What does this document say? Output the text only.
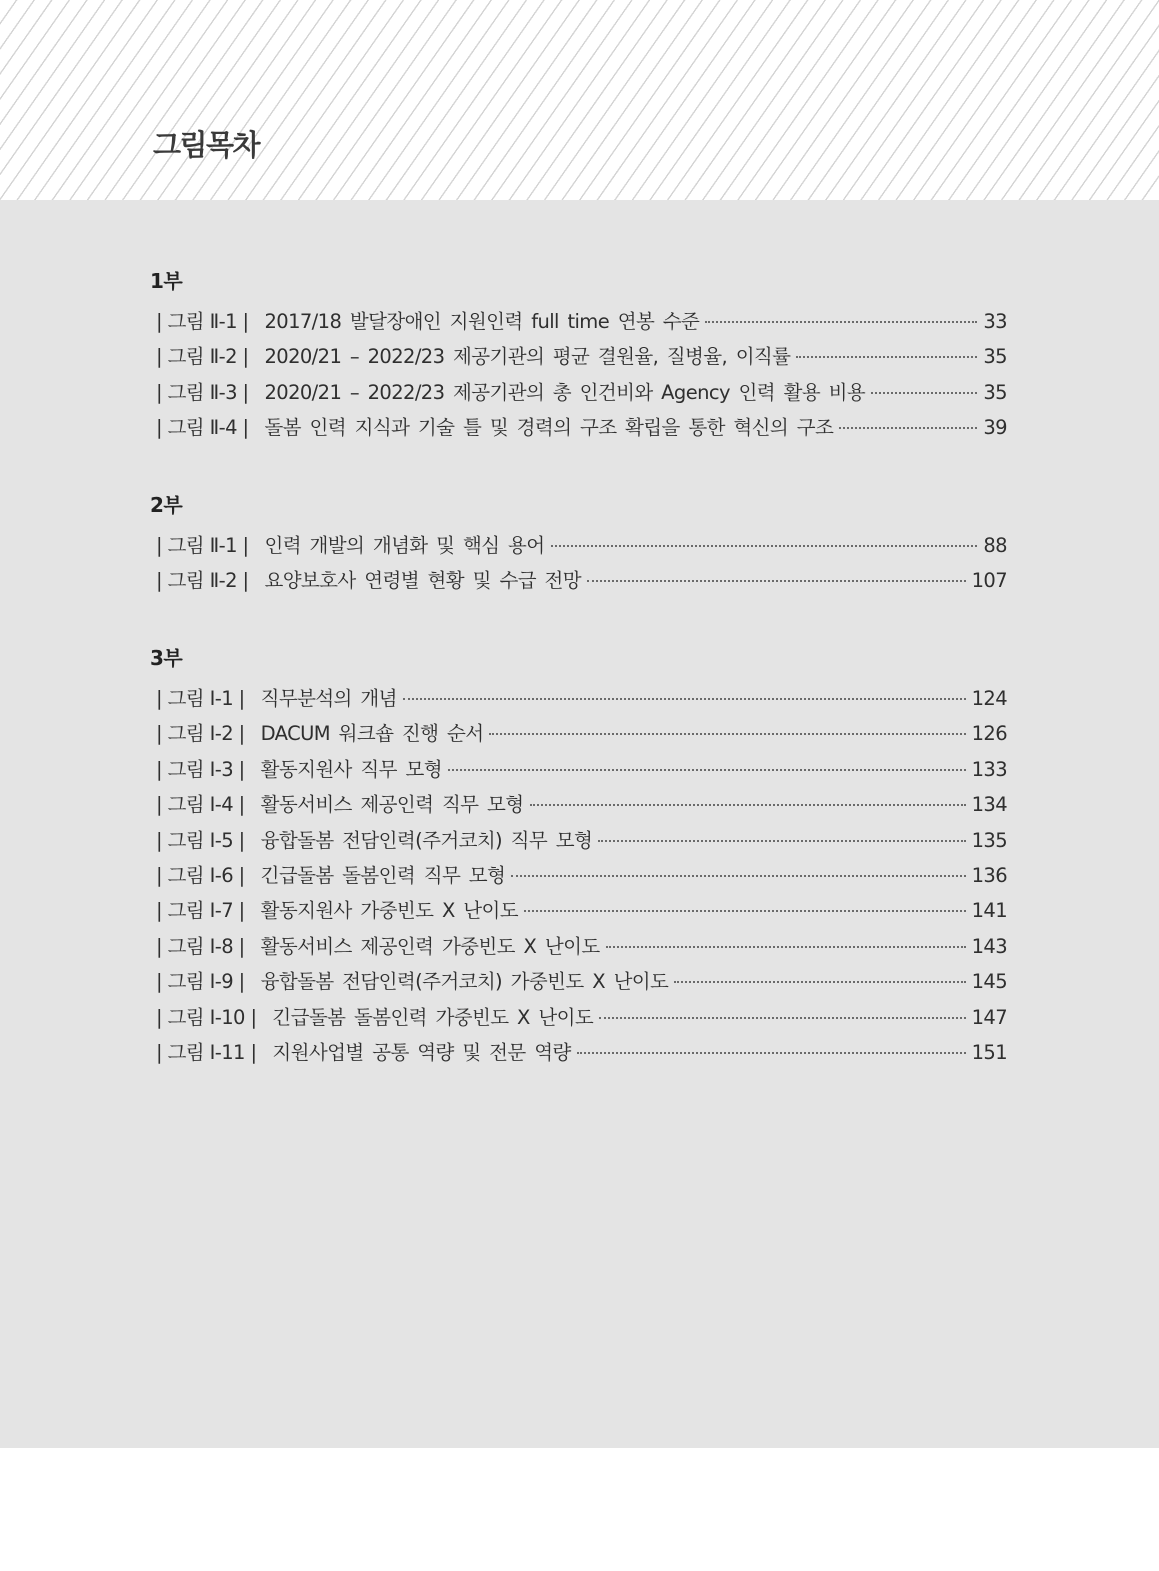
그림목차
1부
| 그림 Ⅱ-1 | 2017/18 발달장애인 지원인력 full time 연봉 수준	33
| 그림 Ⅱ-2 | 2020/21 – 2022/23 제공기관의 평균 결원율, 질병율, 이직률	35
| 그림 Ⅱ-3 | 2020/21 – 2022/23 제공기관의 총 인건비와 Agency 인력 활용 비용	35
| 그림 Ⅱ-4 | 돌봄 인력 지식과 기술 틀 및 경력의 구조 확립을 통한 혁신의 구조	39
2부
| 그림 Ⅱ-1 | 인력 개발의 개념화 및 핵심 용어	88
| 그림 Ⅱ-2 | 요양보호사 연령별 현황 및 수급 전망	107
3부
| 그림 Ⅰ-1 | 직무분석의 개념	124
| 그림 Ⅰ-2 | DACUM 워크숍 진행 순서	126
| 그림 Ⅰ-3 | 활동지원사 직무 모형	133
| 그림 Ⅰ-4 | 활동서비스 제공인력 직무 모형	134
| 그림 Ⅰ-5 | 융합돌봄 전담인력(주거코치) 직무 모형	135
| 그림 Ⅰ-6 | 긴급돌봄 돌봄인력 직무 모형	136
| 그림 Ⅰ-7 | 활동지원사 가중빈도 X 난이도	141
| 그림 Ⅰ-8 | 활동서비스 제공인력 가중빈도 X 난이도	143
| 그림 Ⅰ-9 | 융합돌봄 전담인력(주거코치) 가중빈도 X 난이도	145
| 그림 Ⅰ-10 | 긴급돌봄 돌봄인력 가중빈도 X 난이도	147
| 그림 Ⅰ-11 | 지원사업별 공통 역량 및 전문 역량	151
